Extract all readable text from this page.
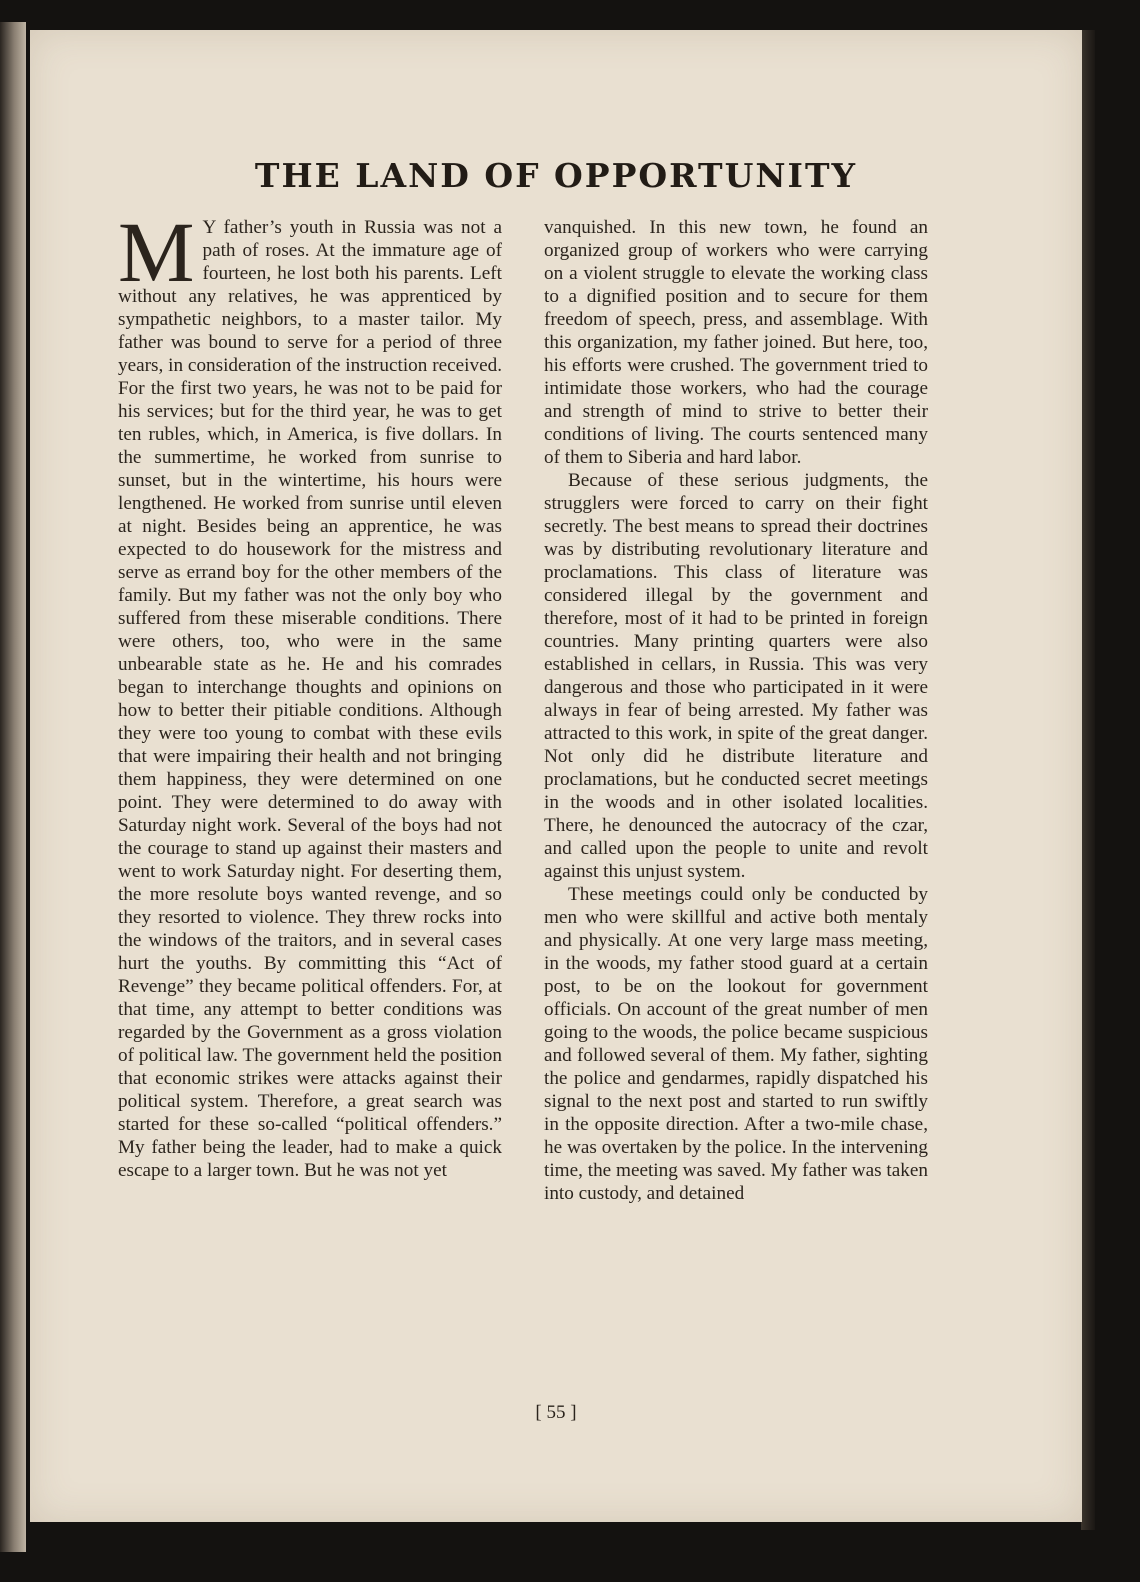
THE LAND OF OPPORTUNITY

M Y father’s youth in Russia was not a path of roses. At the immature age of fourteen, he lost both his parents. Left without any relatives, he was apprenticed by sympathetic neighbors, to a master tailor. My father was bound to serve for a period of three years, in consideration of the instruction received. For the first two years, he was not to be paid for his services; but for the third year, he was to get ten rubles, which, in America, is five dollars. In the summertime, he worked from sunrise to sunset, but in the wintertime, his hours were lengthened. He worked from sunrise until eleven at night. Besides being an apprentice, he was expected to do housework for the mistress and serve as errand boy for the other members of the family. But my father was not the only boy who suffered from these miserable conditions. There were others, too, who were in the same unbearable state as he. He and his comrades began to interchange thoughts and opinions on how to better their pitiable conditions. Although they were too young to combat with these evils that were impairing their health and not bringing them happiness, they were determined on one point. They were determined to do away with Saturday night work. Several of the boys had not the courage to stand up against their masters and went to work Saturday night. For deserting them, the more resolute boys wanted revenge, and so they resorted to violence. They threw rocks into the windows of the traitors, and in several cases hurt the youths. By committing this “Act of Revenge” they became political offenders. For, at that time, any attempt to better conditions was regarded by the Government as a gross violation of political law. The government held the position that economic strikes were attacks against their political system. Therefore, a great search was started for these so-called “political offenders.” My father being the leader, had to make a quick escape to a larger town. But he was not yet

vanquished. In this new town, he found an organized group of workers who were carrying on a violent struggle to elevate the working class to a dignified position and to secure for them freedom of speech, press, and assemblage. With this organization, my father joined. But here, too, his efforts were crushed. The government tried to intimidate those workers, who had the courage and strength of mind to strive to better their conditions of living. The courts sentenced many of them to Siberia and hard labor.

Because of these serious judgments, the strugglers were forced to carry on their fight secretly. The best means to spread their doctrines was by distributing revolutionary literature and proclamations. This class of literature was considered illegal by the government and therefore, most of it had to be printed in foreign countries. Many printing quarters were also established in cellars, in Russia. This was very dangerous and those who participated in it were always in fear of being arrested. My father was attracted to this work, in spite of the great danger. Not only did he distribute literature and proclamations, but he conducted secret meetings in the woods and in other isolated localities. There, he denounced the autocracy of the czar, and called upon the people to unite and revolt against this unjust system.

These meetings could only be conducted by men who were skillful and active both mentaly and physically. At one very large mass meeting, in the woods, my father stood guard at a certain post, to be on the lookout for government officials. On account of the great number of men going to the woods, the police became suspicious and followed several of them. My father, sighting the police and gendarmes, rapidly dispatched his signal to the next post and started to run swiftly in the opposite direction. After a two-mile chase, he was overtaken by the police. In the intervening time, the meeting was saved. My father was taken into custody, and detained

[ 55 ]
